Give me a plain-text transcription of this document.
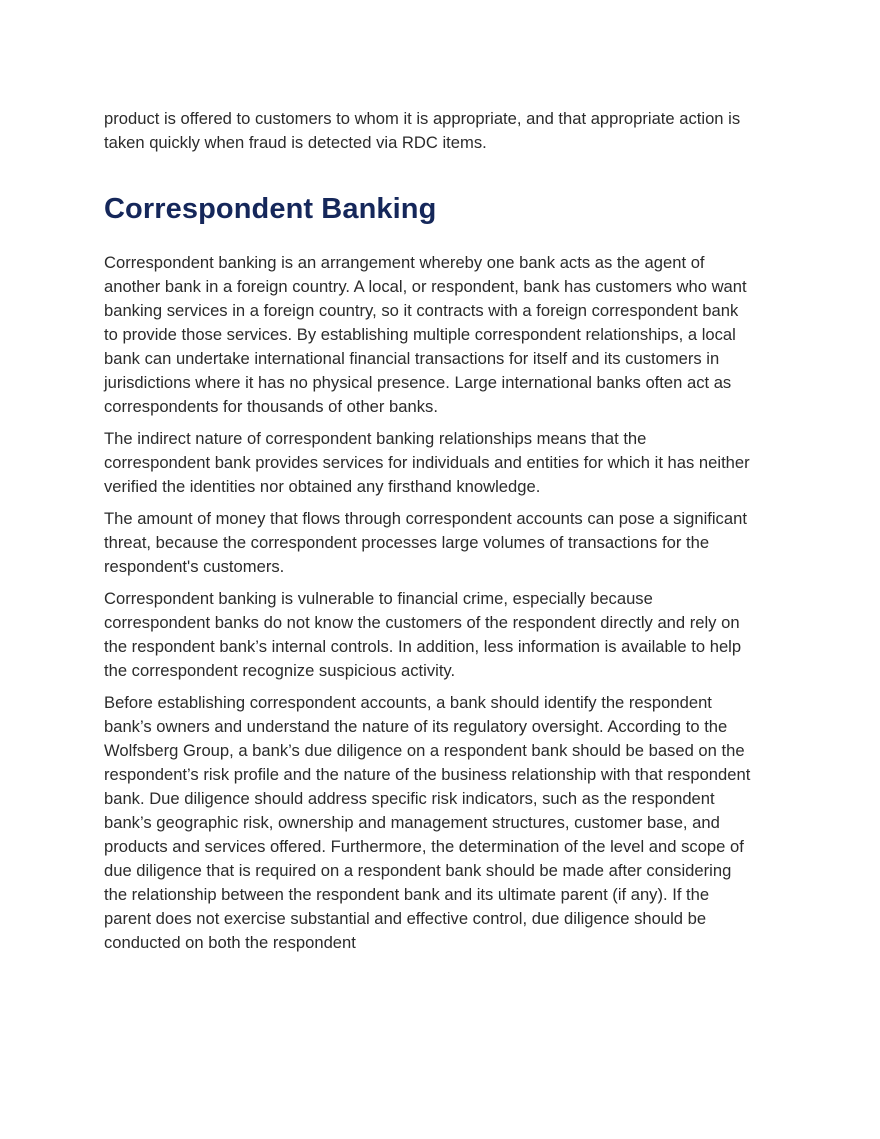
product is offered to customers to whom it is appropriate, and that appropriate action is taken quickly when fraud is detected via RDC items.

Correspondent Banking

Correspondent banking is an arrangement whereby one bank acts as the agent of another bank in a foreign country. A local, or respondent, bank has customers who want banking services in a foreign country, so it contracts with a foreign correspondent bank to provide those services. By establishing multiple correspondent relationships, a local bank can undertake international financial transactions for itself and its customers in jurisdictions where it has no physical presence. Large international banks often act as correspondents for thousands of other banks.

The indirect nature of correspondent banking relationships means that the correspondent bank provides services for individuals and entities for which it has neither verified the identities nor obtained any firsthand knowledge.

The amount of money that flows through correspondent accounts can pose a significant threat, because the correspondent processes large volumes of transactions for the respondent's customers.

Correspondent banking is vulnerable to financial crime, especially because correspondent banks do not know the customers of the respondent directly and rely on the respondent bank’s internal controls. In addition, less information is available to help the correspondent recognize suspicious activity.

Before establishing correspondent accounts, a bank should identify the respondent bank’s owners and understand the nature of its regulatory oversight. According to the Wolfsberg Group, a bank’s due diligence on a respondent bank should be based on the respondent’s risk profile and the nature of the business relationship with that respondent bank. Due diligence should address specific risk indicators, such as the respondent bank’s geographic risk, ownership and management structures, customer base, and products and services offered. Furthermore, the determination of the level and scope of due diligence that is required on a respondent bank should be made after considering the relationship between the respondent bank and its ultimate parent (if any). If the parent does not exercise substantial and effective control, due diligence should be conducted on both the respondent
